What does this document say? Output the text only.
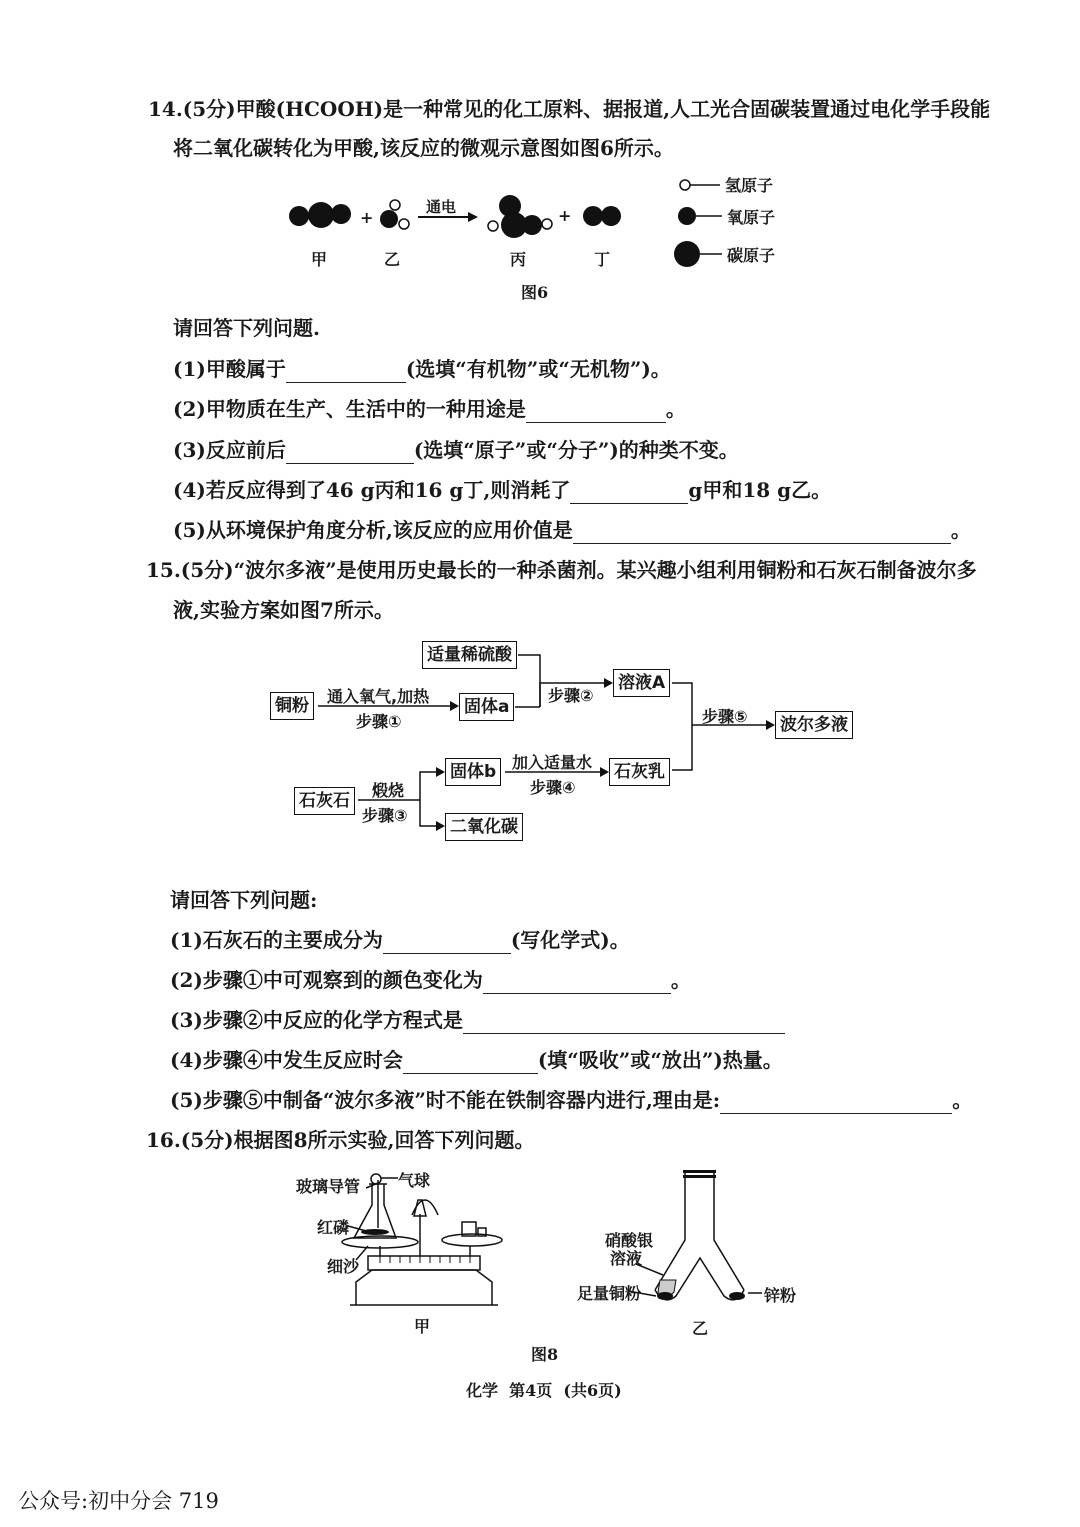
14.(5分)甲酸(HCOOH)是一种常见的化工原料、据报道,人工光合固碳装置通过电化学手段能
将二氧化碳转化为甲酸,该反应的微观示意图如图6所示。
+	+
通电
甲	乙	丙	丁
氢原子
氧原子
碳原子
图6
请回答下列问题.
(1)甲酸属于	(选填“有机物”或“无机物”)。
(2)甲物质在生产、生活中的一种用途是	。
(3)反应前后	(选填“原子”或“分子”)的种类不变。
(4)若反应得到了46 g丙和16 g丁,则消耗了	g甲和18 g乙。
(5)从环境保护角度分析,该反应的应用价值是	。
15.(5分)“波尔多液”是使用历史最长的一种杀菌剂。某兴趣小组利用铜粉和石灰石制备波尔多
液,实验方案如图7所示。
适量稀硫酸
铜粉	固体a
溶液A
波尔多液
石灰石
固体b	石灰乳
二氧化碳
通入氧气,加热
步骤①
步骤②
煅烧
步骤③
加入适量水
步骤④
步骤⑤
请回答下列问题:
(1)石灰石的主要成分为	(写化学式)。
(2)步骤①中可观察到的颜色变化为	。
(3)步骤②中反应的化学方程式是
(4)步骤④中发生反应时会	(填“吸收”或“放出”)热量。
(5)步骤⑤中制备“波尔多液”时不能在铁制容器内进行,理由是:	。
16.(5分)根据图8所示实验,回答下列问题。
玻璃导管 气球
红磷
细沙
硝酸银
溶液
足量铜粉	锌粉
甲	乙
图8
化学  第4页  (共6页)
公众号:初中分会 719
